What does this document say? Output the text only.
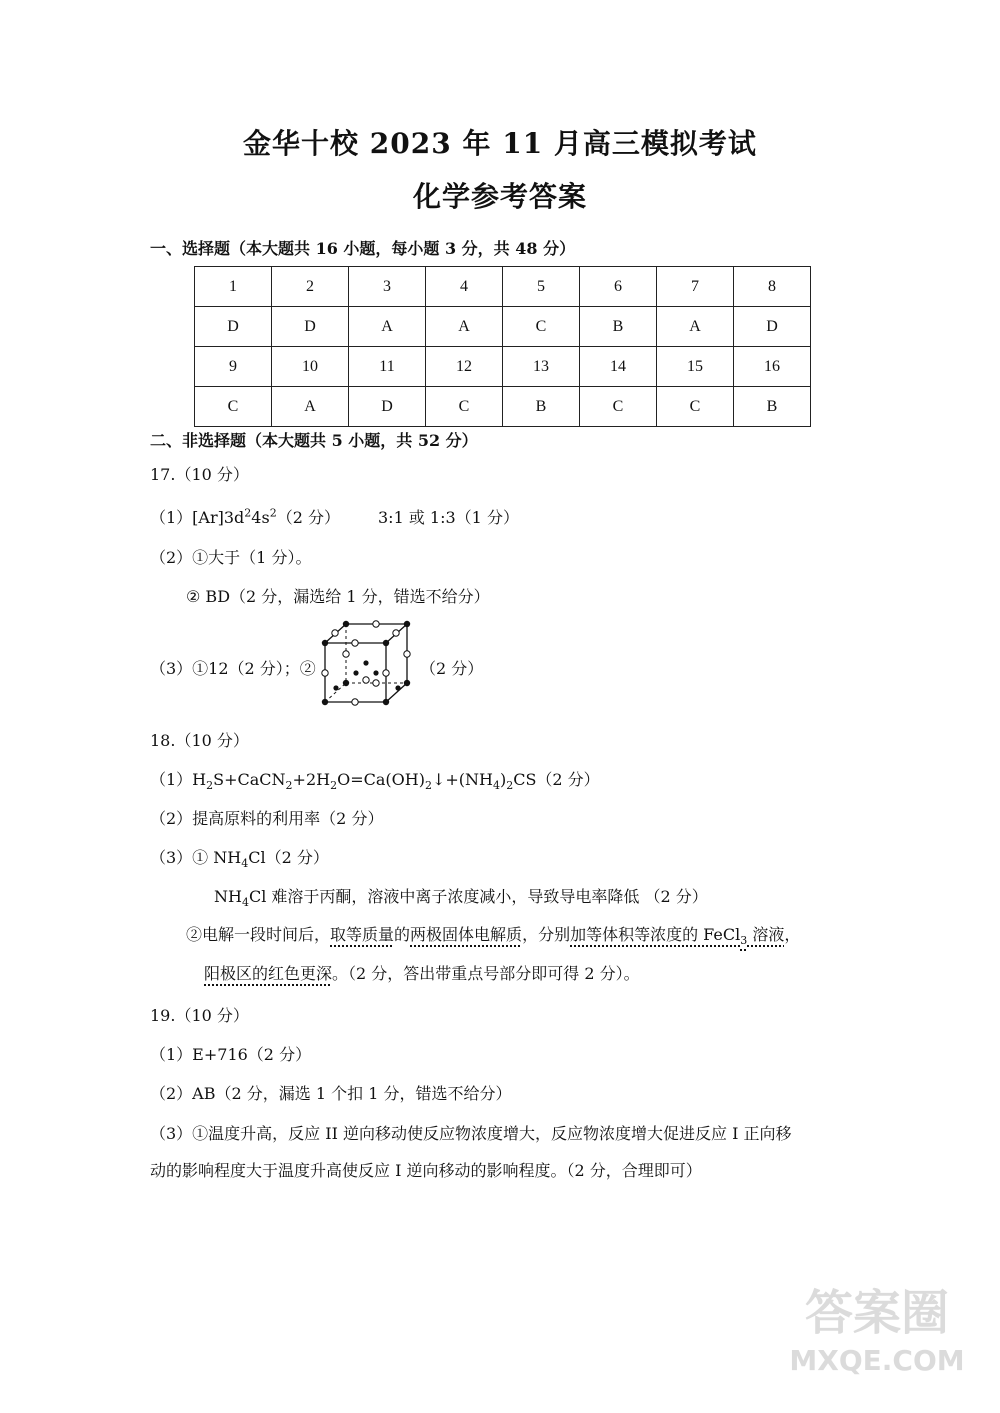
金华十校 2023 年 11 月高三模拟考试
化学参考答案
一、选择题（本大题共 16 小题，每小题 3 分，共 48 分）
1	2	3	4	5	6	7	8
D	D	A	A	C	B	A	D
9	10	11	12	13	14	15	16
C	A	D	C	B	C	C	B
二、非选择题（本大题共 5 小题，共 52 分）
17.（10 分）
$(1)[Ar]3d^24s^2(2$ 分） 3:1 或 1:3（1 分）
（2）①大于（1 分）。
② BD（2 分，漏选给 1 分，错选不给分）
（3）①12（2 分）；②	（2 分）
18.（10 分）
$(1)H_2S+CaCN_2+2H_2O=Ca(OH)_2↓+(NH_4)_2CS(2$ 分）
（2）提高原料的利用率（2 分）
（3）① $NH_4Cl(2$ 分）
$NH_4Cl$ 难溶于丙酮，溶液中离子浓度减小，导致导电率降低 （2 分）
②电解一段时间后，取等质量的两极固体电解质，分别加等体积等浓度的 FeCl$_3$ 溶液，
阳极区的红色更深。（2 分，答出带重点号部分即可得 2 分）。
19.（10 分）
（1）E+716（2 分）
（2）AB（2 分，漏选 1 个扣 1 分，错选不给分）
（3）①温度升高，反应 II 逆向移动使反应物浓度增大，反应物浓度增大促进反应 I 正向移
动的影响程度大于温度升高使反应 I 逆向移动的影响程度。（2 分，合理即可）
答案圈
MXQE.COM
